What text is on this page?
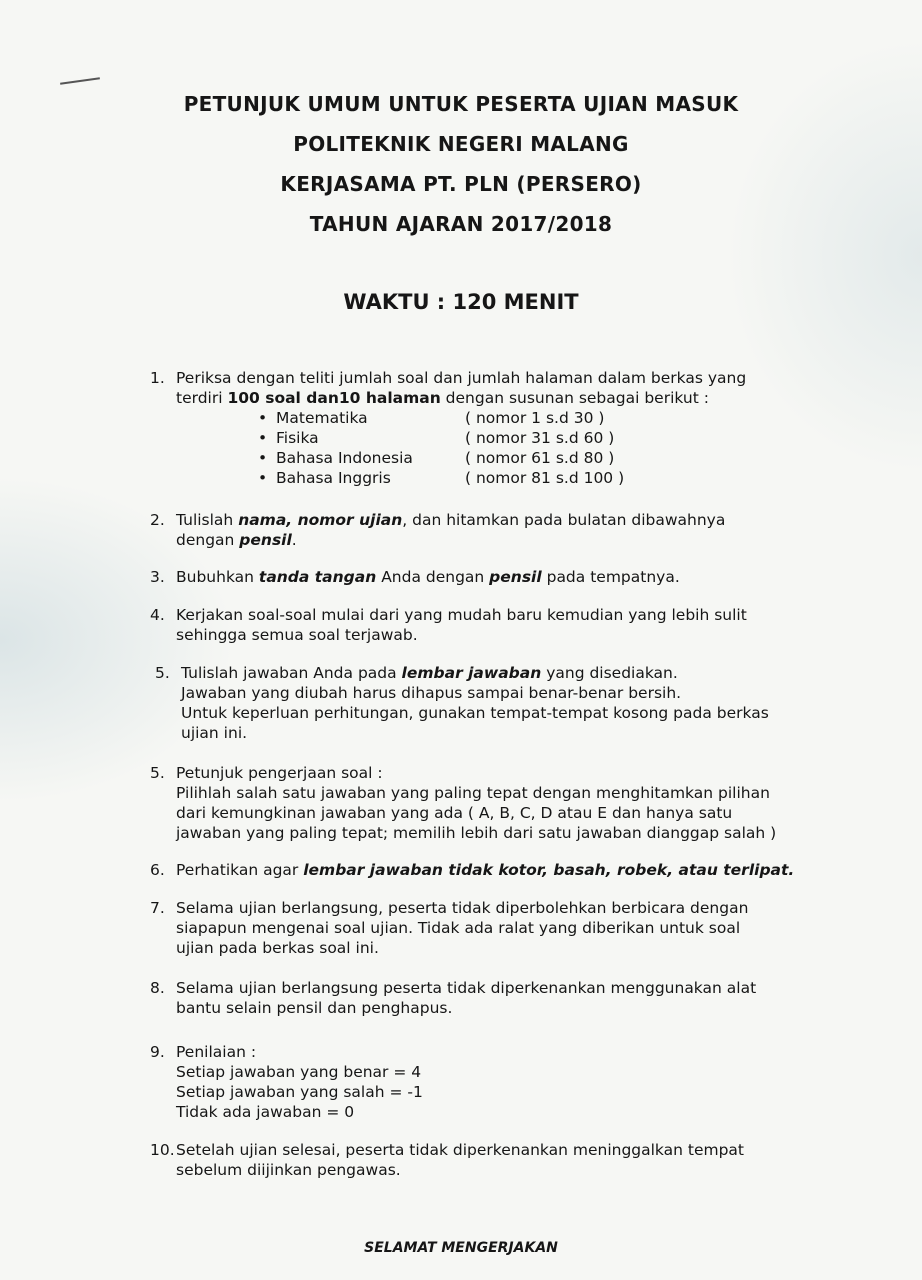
PETUNJUK UMUM UNTUK PESERTA UJIAN MASUK
POLITEKNIK NEGERI MALANG
KERJASAMA PT. PLN (PERSERO)
TAHUN AJARAN 2017/2018
WAKTU : 120 MENIT
1. Periksa dengan teliti jumlah soal dan jumlah halaman dalam berkas yang
terdiri 100 soal dan10 halaman dengan susunan sebagai berikut :
• Matematika	( nomor 1 s.d 30 )
• Fisika	( nomor 31 s.d 60 )
• Bahasa Indonesia	( nomor 61 s.d 80 )
• Bahasa Inggris	( nomor 81 s.d 100 )
2. Tulislah nama, nomor ujian, dan hitamkan pada bulatan dibawahnya
dengan pensil.
3. Bubuhkan tanda tangan Anda dengan pensil pada tempatnya.
4. Kerjakan soal-soal mulai dari yang mudah baru kemudian yang lebih sulit
sehingga semua soal terjawab.
5. Tulislah jawaban Anda pada lembar jawaban yang disediakan.
Jawaban yang diubah harus dihapus sampai benar-benar bersih.
Untuk keperluan perhitungan, gunakan tempat-tempat kosong pada berkas
ujian ini.
5. Petunjuk pengerjaan soal :
Pilihlah salah satu jawaban yang paling tepat dengan menghitamkan pilihan
dari kemungkinan jawaban yang ada ( A, B, C, D atau E dan hanya satu
jawaban yang paling tepat; memilih lebih dari satu jawaban dianggap salah )
6. Perhatikan agar lembar jawaban tidak kotor, basah, robek, atau terlipat.
7. Selama ujian berlangsung, peserta tidak diperbolehkan berbicara dengan
siapapun mengenai soal ujian. Tidak ada ralat yang diberikan untuk soal
ujian pada berkas soal ini.
8. Selama ujian berlangsung peserta tidak diperkenankan menggunakan alat
bantu selain pensil dan penghapus.
9. Penilaian :
Setiap jawaban yang benar = 4
Setiap jawaban yang salah = -1
Tidak ada jawaban = 0
10. Setelah ujian selesai, peserta tidak diperkenankan meninggalkan tempat
sebelum diijinkan pengawas.
SELAMAT MENGERJAKAN
